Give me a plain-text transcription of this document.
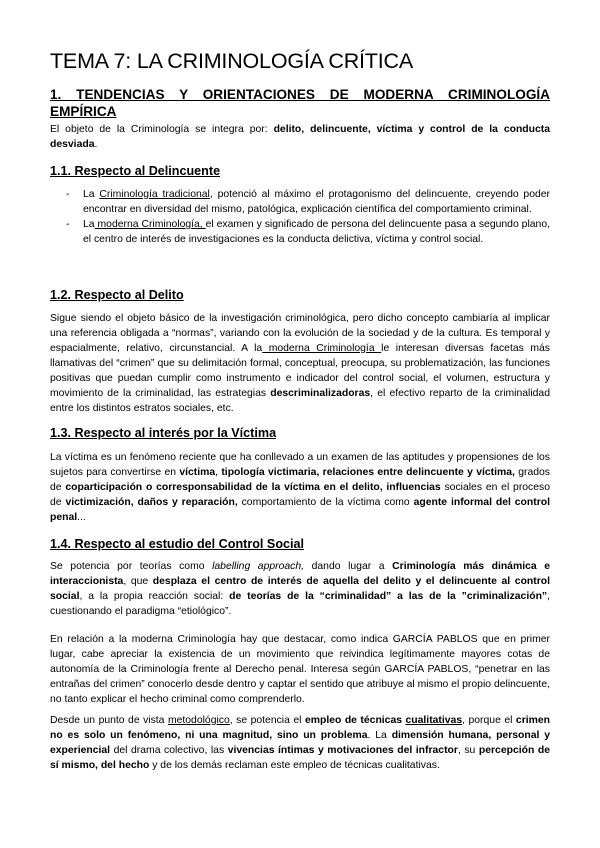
TEMA 7: LA CRIMINOLOGÍA CRÍTICA
1. TENDENCIAS Y ORIENTACIONES DE MODERNA CRIMINOLOGÍA
EMPÍRICA

El objeto de la Criminología se integra por: delito, delincuente, víctima y control de la conducta desviada.

1.1. Respecto al Delincuente
- La Criminología tradicional, potenció al máximo el protagonismo del delincuente, creyendo poder encontrar en diversidad del mismo, patológica, explicación científica del comportamiento criminal.
- La moderna Criminología, el examen y significado de persona del delincuente pasa a segundo plano, el centro de interés de investigaciones es la conducta delictiva, víctima y control social.
1.2. Respecto al Delito

Sigue siendo el objeto básico de la investigación criminológica, pero dicho concepto cambiaría al implicar una referencia obligada a “normas”, variando con la evolución de la sociedad y de la cultura. Es temporal y espacialmente, relativo, circunstancial. A la moderna Criminología le interesan diversas facetas más llamativas del “crimen” que su delimitación formal, conceptual, preocupa, su problematización, las funciones positivas que puedan cumplir como instrumento e indicador del control social, el volumen, estructura y movimiento de la criminalidad, las estrategias descriminalizadoras, el efectivo reparto de la criminalidad entre los distintos estratos sociales, etc.

1.3. Respecto al interés por la Víctima

La víctima es un fenómeno reciente que ha conllevado a un examen de las aptitudes y propensiones de los sujetos para convertirse en víctima, tipología victimaria, relaciones entre delincuente y víctima, grados de coparticipación o corresponsabilidad de la víctima en el delito, influencias sociales en el proceso de victimización, daños y reparación, comportamiento de la víctima como agente informal del control penal...

1.4. Respecto al estudio del Control Social

Se potencia por teorías como labelling approach, dando lugar a Criminología más dinámica e interaccionista, que desplaza el centro de interés de aquella del delito y el delincuente al control social, a la propia reacción social: de teorías de la “criminalidad” a las de la ”criminalización”, cuestionando el paradigma “etiológico”.

En relación a la moderna Criminología hay que destacar, como indica GARCÍA PABLOS que en primer lugar, cabe apreciar la existencia de un movimiento que reivindica legítimamente mayores cotas de autonomía de la Criminología frente al Derecho penal. Interesa según GARCÍA PABLOS, “penetrar en las entrañas del crimen” conocerlo desde dentro y captar el sentido que atribuye al mismo el propio delincuente, no tanto explicar el hecho criminal como comprenderlo.

Desde un punto de vista metodológico, se potencia el empleo de técnicas cualitativas, porque el crimen no es solo un fenómeno, ni una magnitud, sino un problema. La dimensión humana, personal y experiencial del drama colectivo, las vivencias íntimas y motivaciones del infractor, su percepción de sí mismo, del hecho y de los demás reclaman este empleo de técnicas cualitativas.
